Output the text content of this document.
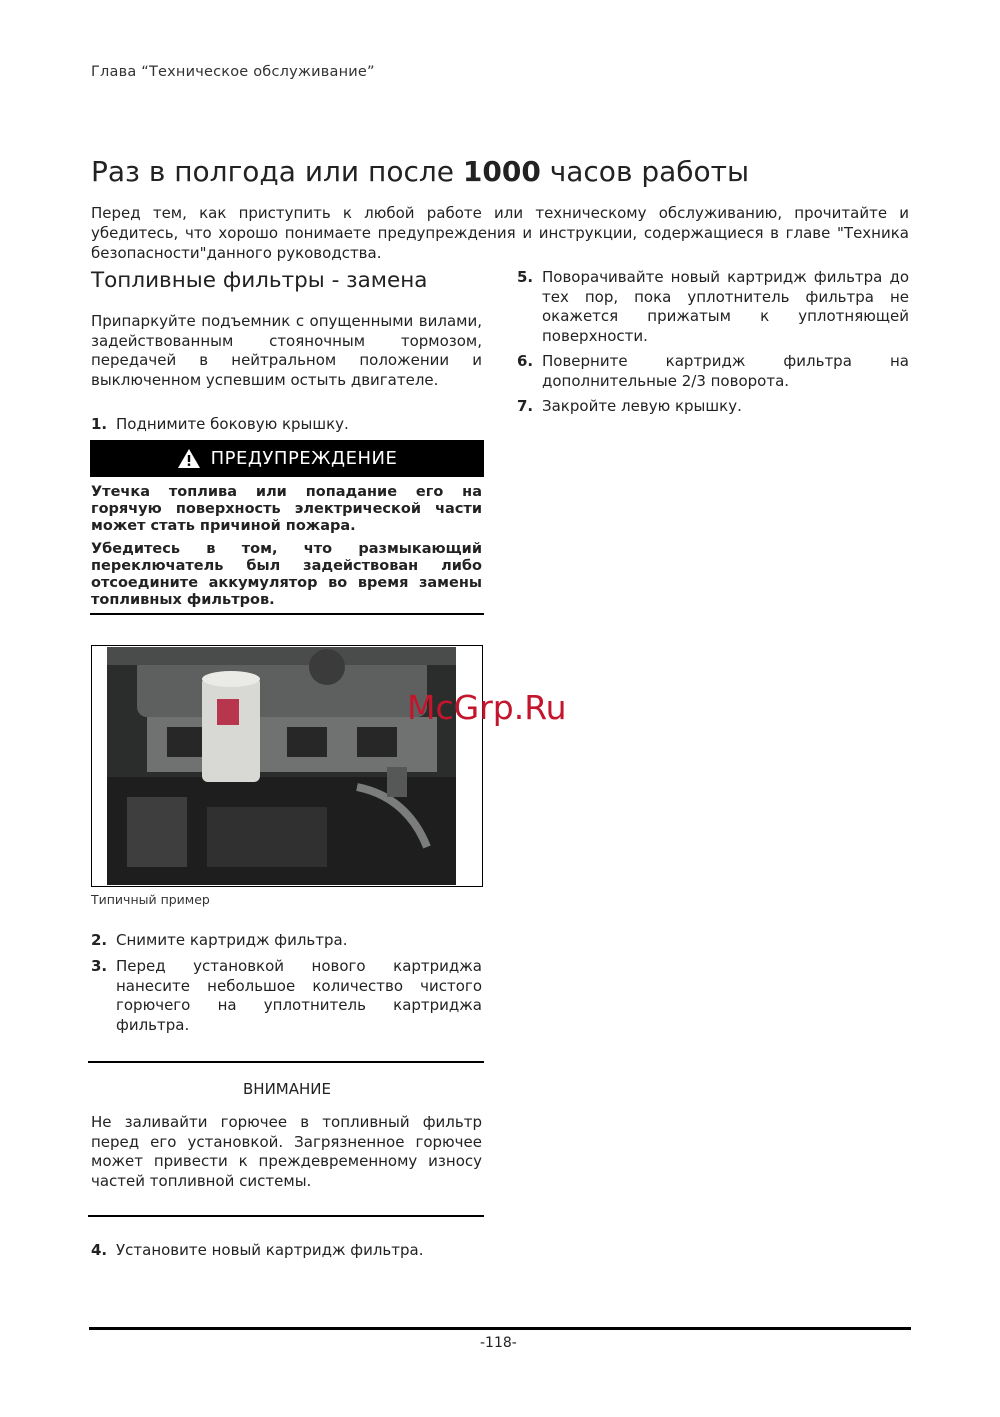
Глава “Техническое обслуживание”
Раз в полгода или после 1000 часов работы

Перед тем, как приступить к любой работе или техническому обслуживанию, прочитайте и убедитесь, что хорошо понимаете предупреждения и инструкции, содержащиеся в главе "Техника безопасности"данного руководства.

Топливные фильтры - замена

Припаркуйте подъемник с опущенными вилами, задействованным стояночным тормозом, передачей в нейтральном положении и выключенном успевшим остыть двигателе.

1. Поднимите боковую крышку.
ПРЕДУПРЕЖДЕНИЕ

Утечка топлива или попадание его на горячую поверхность электрической части может стать причиной пожара.

Убедитесь в том, что размыкающий переключатель был задействован либо отсоедините аккумулятор во время замены топливных фильтров.

Типичный пример
2. Снимите картридж фильтра.
3. Перед установкой нового картриджа нанесите небольшое количество чистого горючего на уплотнитель картриджа фильтра.
ВНИМАНИЕ

Не заливайти горючее в топливный фильтр перед его установкой. Загрязненное горючее может привести к преждевременному износу частей топливной системы.

4. Установите новый картридж фильтра.
5. Поворачивайте новый картридж фильтра до тех пор, пока уплотнитель фильтра не окажется прижатым к уплотняющей поверхности.
6. Поверните картридж фильтра на дополнительные 2/3 поворота.
7. Закройте левую крышку.
McGrp.Ru
-118-
